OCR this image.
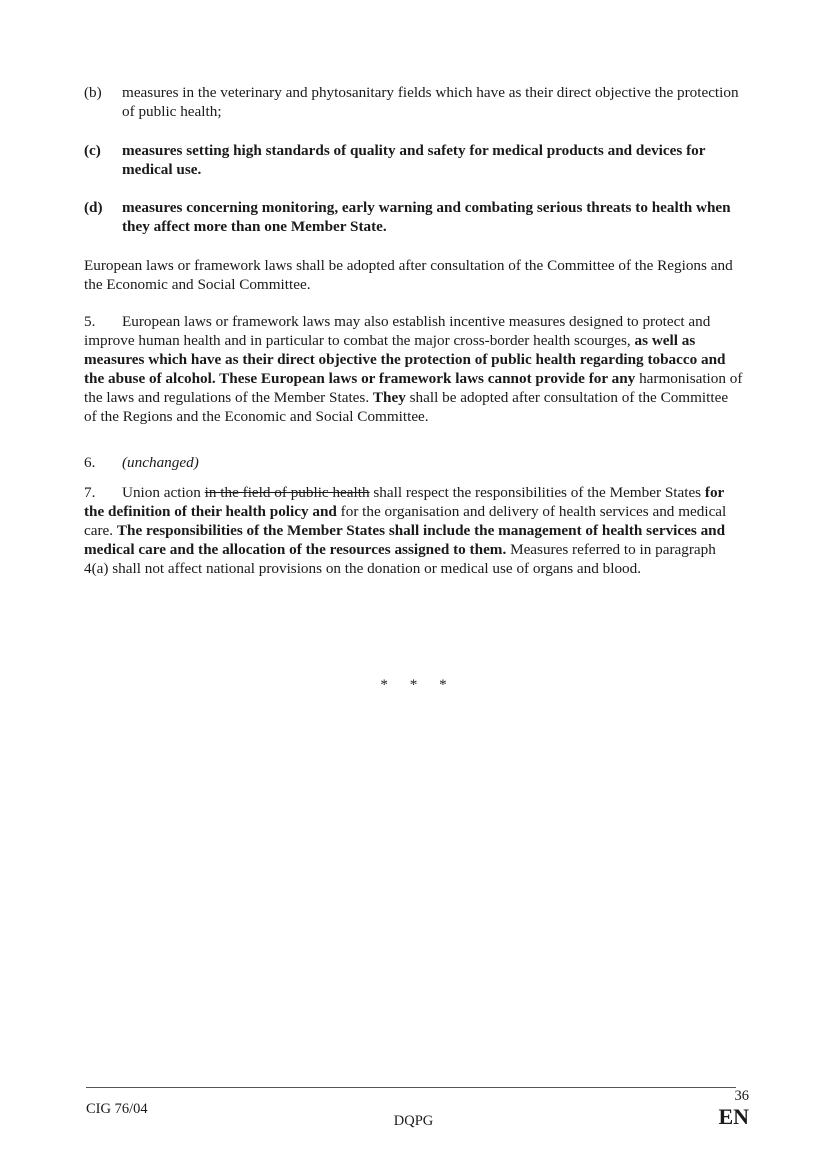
(b) measures in the veterinary and phytosanitary fields which have as their direct objective the protection of public health;
(c) measures setting high standards of quality and safety for medical products and devices for medical use.
(d) measures concerning monitoring, early warning and combating serious threats to health when they affect more than one Member State.
European laws or framework laws shall be adopted after consultation of the Committee of the Regions and the Economic and Social Committee.
5. European laws or framework laws may also establish incentive measures designed to protect and improve human health and in particular to combat the major cross-border health scourges, as well as measures which have as their direct objective the protection of public health regarding tobacco and the abuse of alcohol. These European laws or framework laws cannot provide for any harmonisation of the laws and regulations of the Member States. They shall be adopted after consultation of the Committee of the Regions and the Economic and Social Committee.
6. (unchanged)
7. Union action in the field of public health shall respect the responsibilities of the Member States for the definition of their health policy and for the organisation and delivery of health services and medical care. The responsibilities of the Member States shall include the management of health services and medical care and the allocation of the resources assigned to them. Measures referred to in paragraph 4(a) shall not affect national provisions on the donation or medical use of organs and blood.
* * *
CIG 76/04
DQPG
36
EN
